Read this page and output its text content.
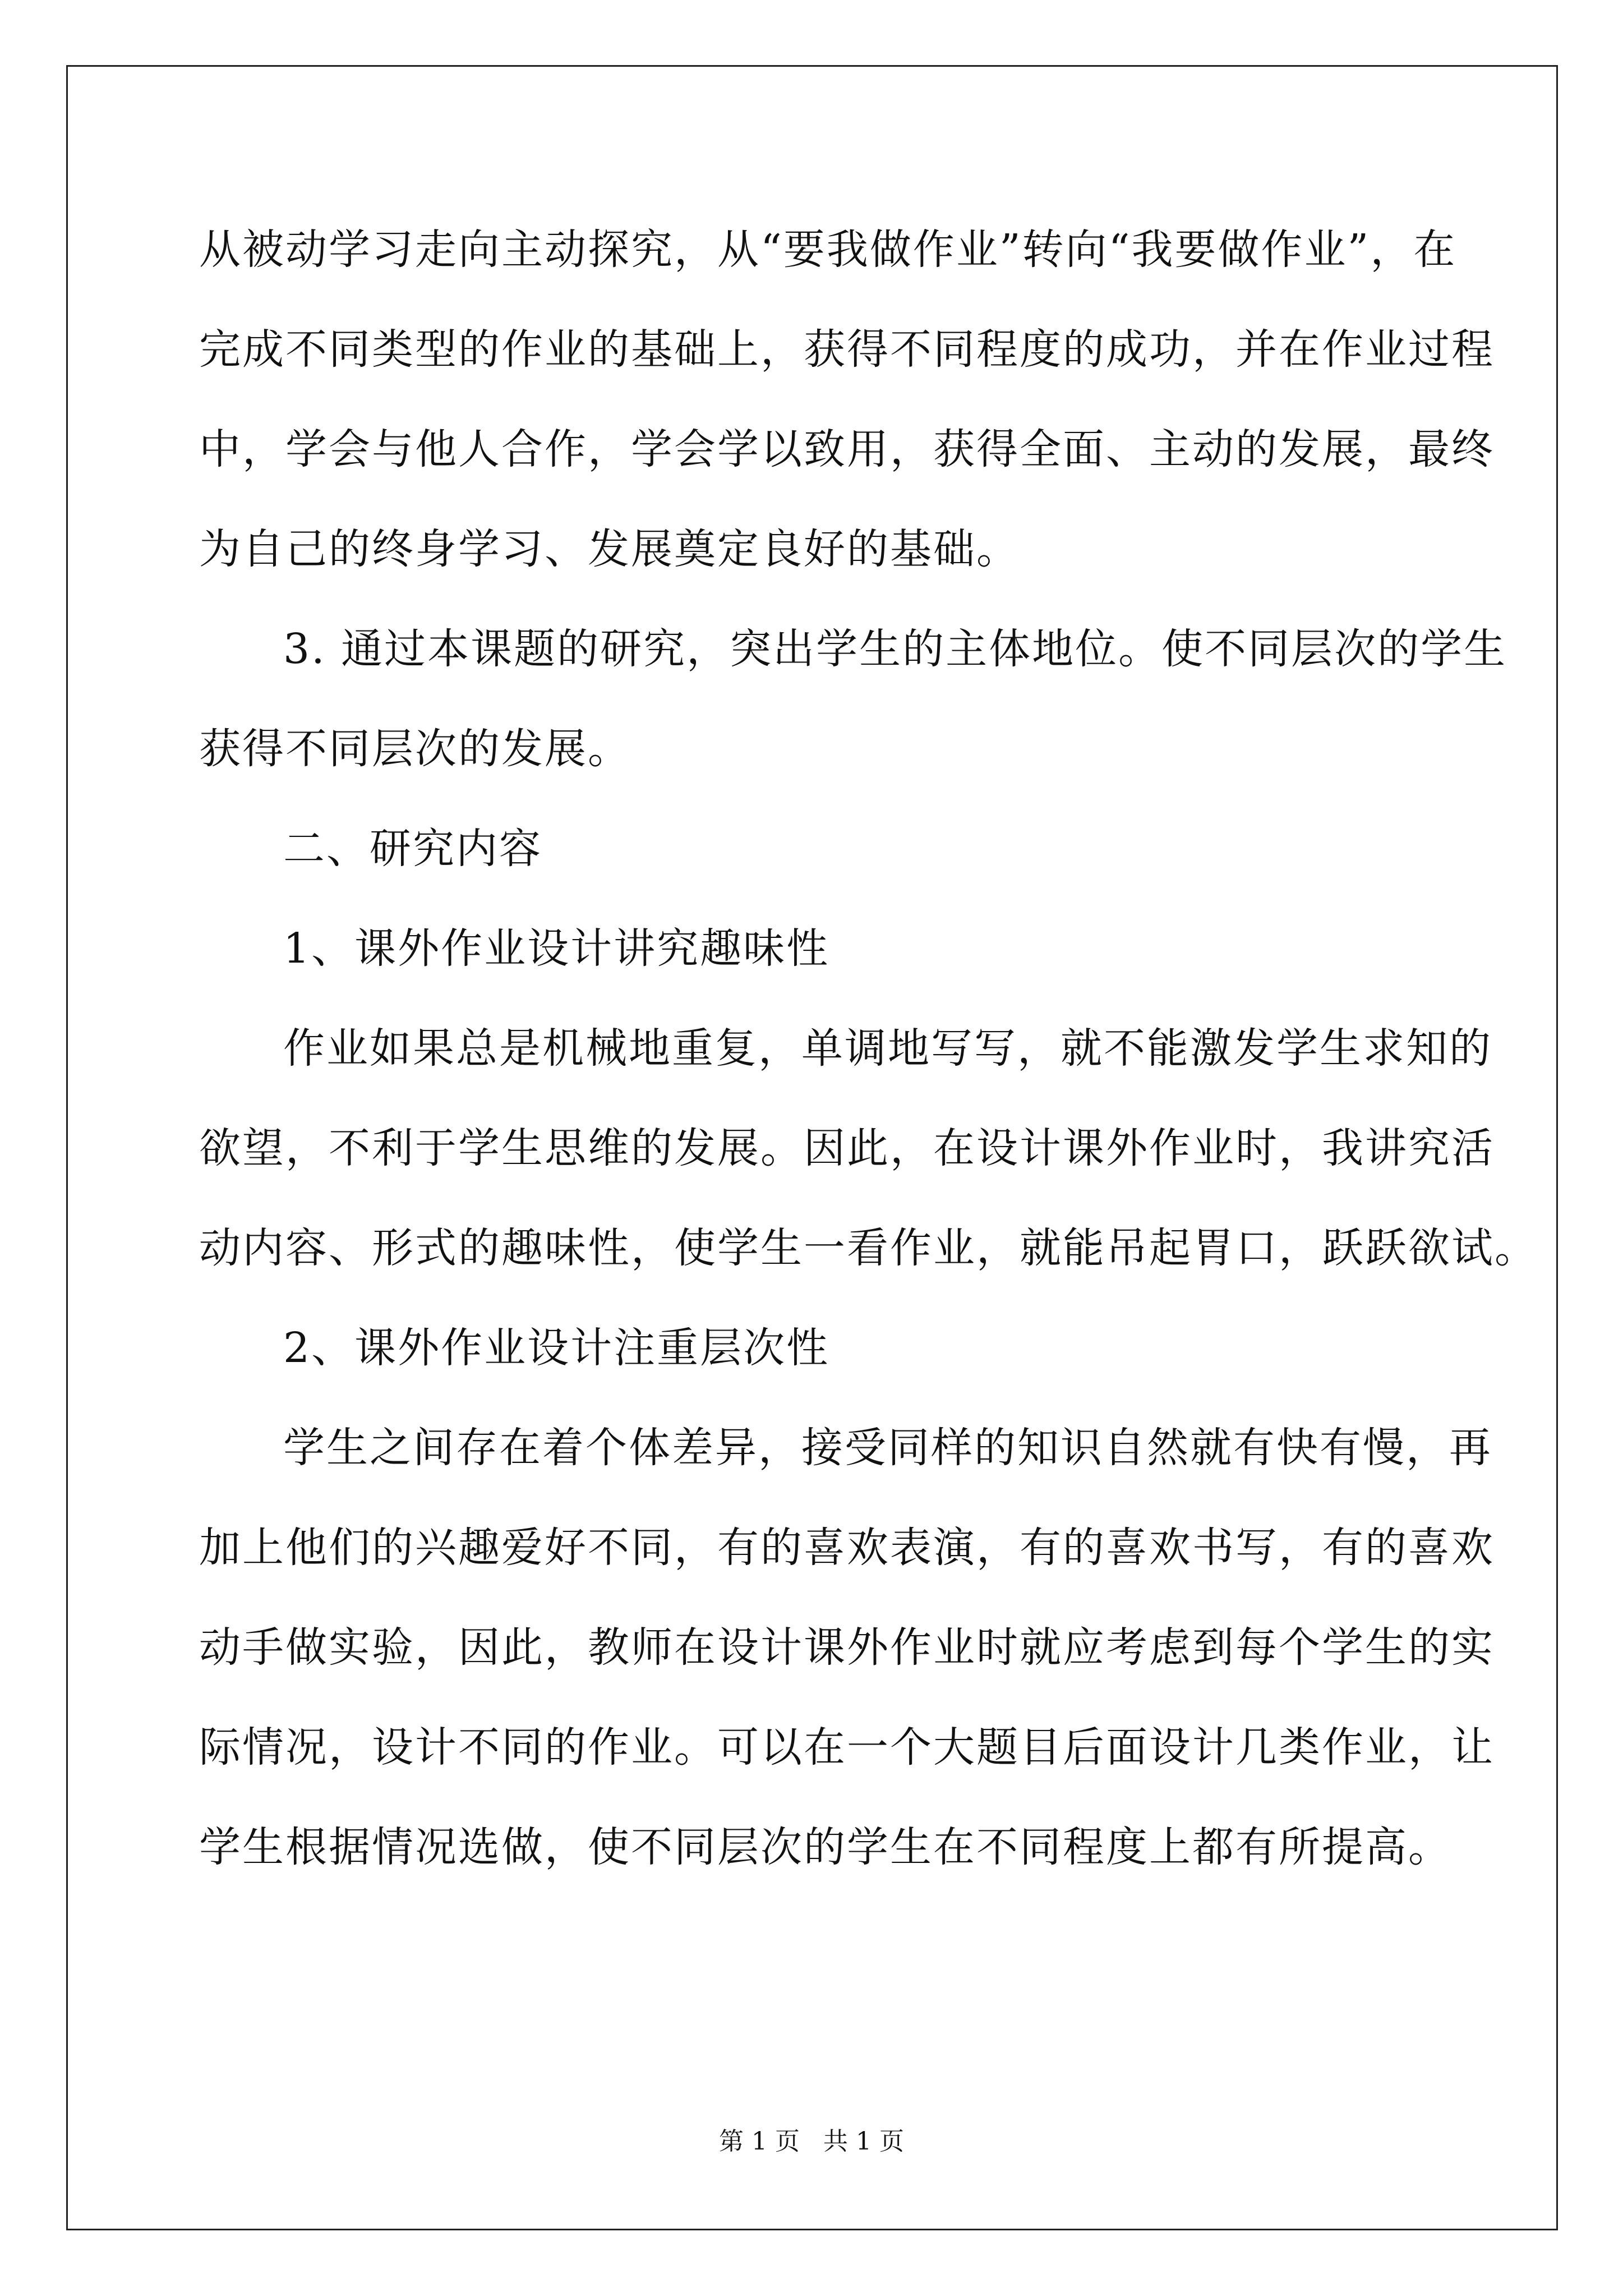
从被动学习走向主动探究，从“要我做作业”转向“我要做作业”，在
完成不同类型的作业的基础上，获得不同程度的成功，并在作业过程
中，学会与他人合作，学会学以致用，获得全面、主动的发展，最终
为自己的终身学习、发展奠定良好的基础。
3. 通过本课题的研究，突出学生的主体地位。使不同层次的学生
获得不同层次的发展。
二、研究内容
1、课外作业设计讲究趣味性
作业如果总是机械地重复，单调地写写，就不能激发学生求知的
欲望，不利于学生思维的发展。因此，在设计课外作业时，我讲究活
动内容、形式的趣味性，使学生一看作业，就能吊起胃口，跃跃欲试。
2、课外作业设计注重层次性
学生之间存在着个体差异，接受同样的知识自然就有快有慢，再
加上他们的兴趣爱好不同，有的喜欢表演，有的喜欢书写，有的喜欢
动手做实验，因此，教师在设计课外作业时就应考虑到每个学生的实
际情况，设计不同的作业。可以在一个大题目后面设计几类作业，让
学生根据情况选做，使不同层次的学生在不同程度上都有所提高。
第 1 页   共 1 页
